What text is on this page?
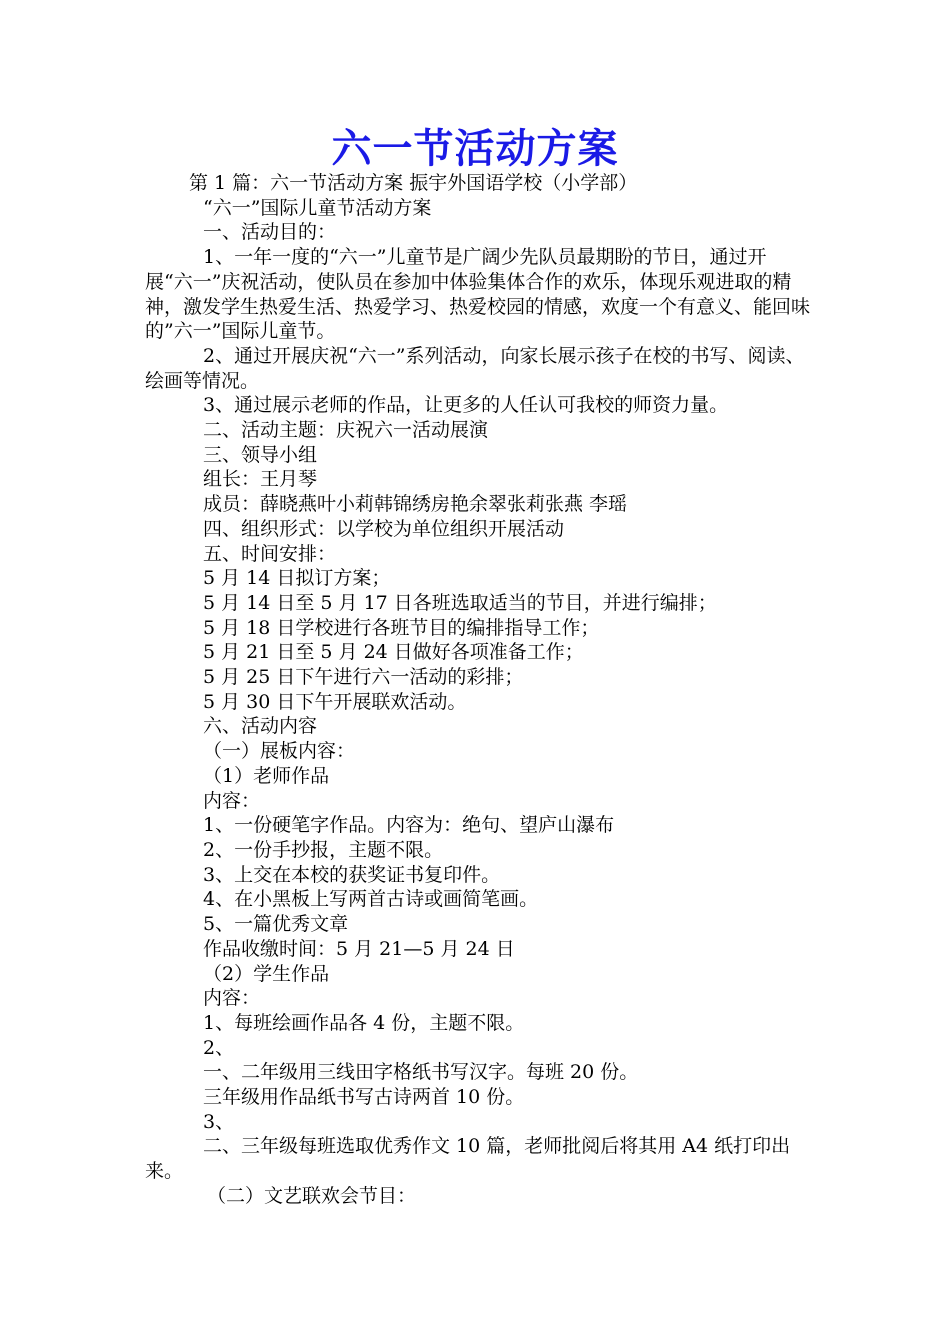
六一节活动方案

第 1 篇：六一节活动方案 振宇外国语学校（小学部）

“六一”国际儿童节活动方案

一、活动目的：

1、一年一度的“六一”儿童节是广阔少先队员最期盼的节日，通过开展“六一”庆祝活动，使队员在参加中体验集体合作的欢乐，体现乐观进取的精神，激发学生热爱生活、热爱学习、热爱校园的情感，欢度一个有意义、能回味的”六一”国际儿童节。

2、通过开展庆祝“六一”系列活动，向家长展示孩子在校的书写、阅读、绘画等情况。

3、通过展示老师的作品，让更多的人任认可我校的师资力量。

二、活动主题：庆祝六一活动展演

三、领导小组

组长：王月琴

成员：薛晓燕叶小莉韩锦绣房艳余翠张莉张燕 李瑶

四、组织形式：以学校为单位组织开展活动

五、时间安排：

5 月 14 日拟订方案；

5 月 14 日至 5 月 17 日各班选取适当的节目，并进行编排；

5 月 18 日学校进行各班节目的编排指导工作；

5 月 21 日至 5 月 24 日做好各项准备工作；

5 月 25 日下午进行六一活动的彩排；

5 月 30 日下午开展联欢活动。

六、活动内容

（一）展板内容：

（1）老师作品

内容：

1、一份硬笔字作品。内容为：绝句、望庐山瀑布

2、一份手抄报，主题不限。

3、上交在本校的获奖证书复印件。

4、在小黑板上写两首古诗或画简笔画。

5、一篇优秀文章

作品收缴时间：5 月 21—5 月 24 日

（2）学生作品

内容：

1、每班绘画作品各 4 份，主题不限。

2、

一、二年级用三线田字格纸书写汉字。每班 20 份。

三年级用作品纸书写古诗两首 10 份。

3、

二、三年级每班选取优秀作文 10 篇，老师批阅后将其用 A4 纸打印出来。

（二）文艺联欢会节目：
